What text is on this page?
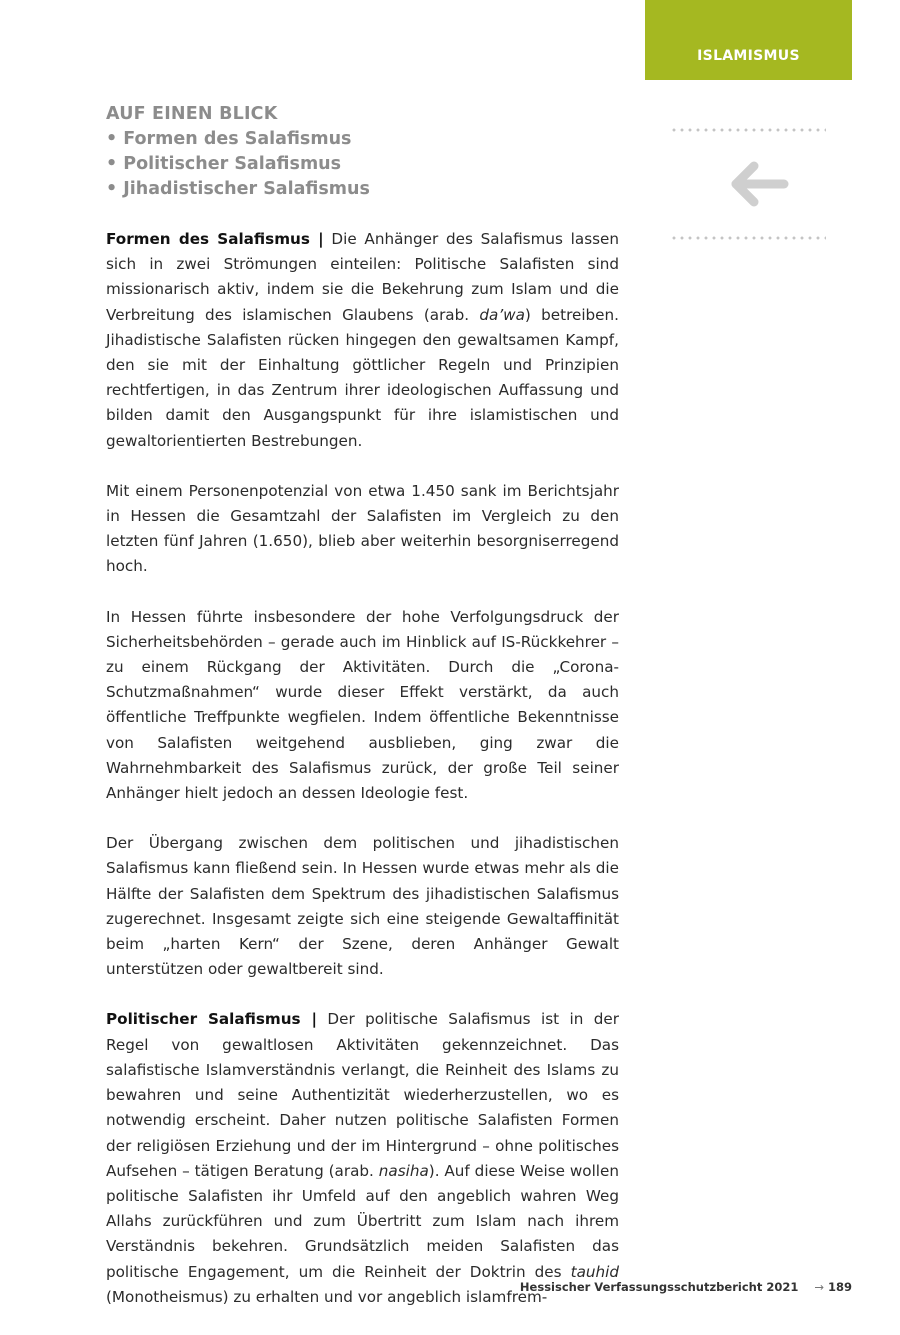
ISLAMISMUS
AUF EINEN BLICK
• Formen des Salafismus
• Politischer Salafismus
• Jihadistischer Salafismus

Formen des Salafismus | Die Anhänger des Salafismus lassen sich in zwei Strömungen einteilen: Politische Salafisten sind missionarisch aktiv, indem sie die Bekehrung zum Islam und die Verbreitung des islamischen Glaubens (arab. da’wa) betreiben. Jihadistische Salafisten rücken hingegen den gewaltsamen Kampf, den sie mit der Einhaltung göttlicher Regeln und Prinzipien rechtfertigen, in das Zentrum ihrer ideologischen Auffassung und bilden damit den Ausgangspunkt für ihre islamistischen und gewaltorientierten Bestrebungen.

Mit einem Personenpotenzial von etwa 1.450 sank im Berichtsjahr in Hessen die Gesamtzahl der Salafisten im Vergleich zu den letzten fünf Jahren (1.650), blieb aber weiterhin besorgniserregend hoch.

In Hessen führte insbesondere der hohe Verfolgungsdruck der Sicherheitsbehörden – gerade auch im Hinblick auf IS-Rückkehrer – zu einem Rückgang der Aktivitäten. Durch die „Corona-Schutzmaßnahmen“ wurde dieser Effekt verstärkt, da auch öffentliche Treffpunkte wegfielen. Indem öffentliche Bekenntnisse von Salafisten weitgehend ausblieben, ging zwar die Wahrnehmbarkeit des Salafismus zurück, der große Teil seiner Anhänger hielt jedoch an dessen Ideologie fest.

Der Übergang zwischen dem politischen und jihadistischen Salafismus kann fließend sein. In Hessen wurde etwas mehr als die Hälfte der Salafisten dem Spektrum des jihadistischen Salafismus zugerechnet. Insgesamt zeigte sich eine steigende Gewaltaffinität beim „harten Kern“ der Szene, deren Anhänger Gewalt unterstützen oder gewaltbereit sind.

Politischer Salafismus | Der politische Salafismus ist in der Regel von gewaltlosen Aktivitäten gekennzeichnet. Das salafistische Islamverständnis verlangt, die Reinheit des Islams zu bewahren und seine Authentizität wiederherzustellen, wo es notwendig erscheint. Daher nutzen politische Salafisten Formen der religiösen Erziehung und der im Hintergrund – ohne politisches Aufsehen – tätigen Beratung (arab. nasiha). Auf diese Weise wollen politische Salafisten ihr Umfeld auf den angeblich wahren Weg Allahs zurückführen und zum Übertritt zum Islam nach ihrem Verständnis bekehren. Grundsätzlich meiden Salafisten das politische Engagement, um die Reinheit der Doktrin des tauhid (Monotheismus) zu erhalten und vor angeblich islamfrem-

Hessischer Verfassungsschutzbericht 2021 → 189
